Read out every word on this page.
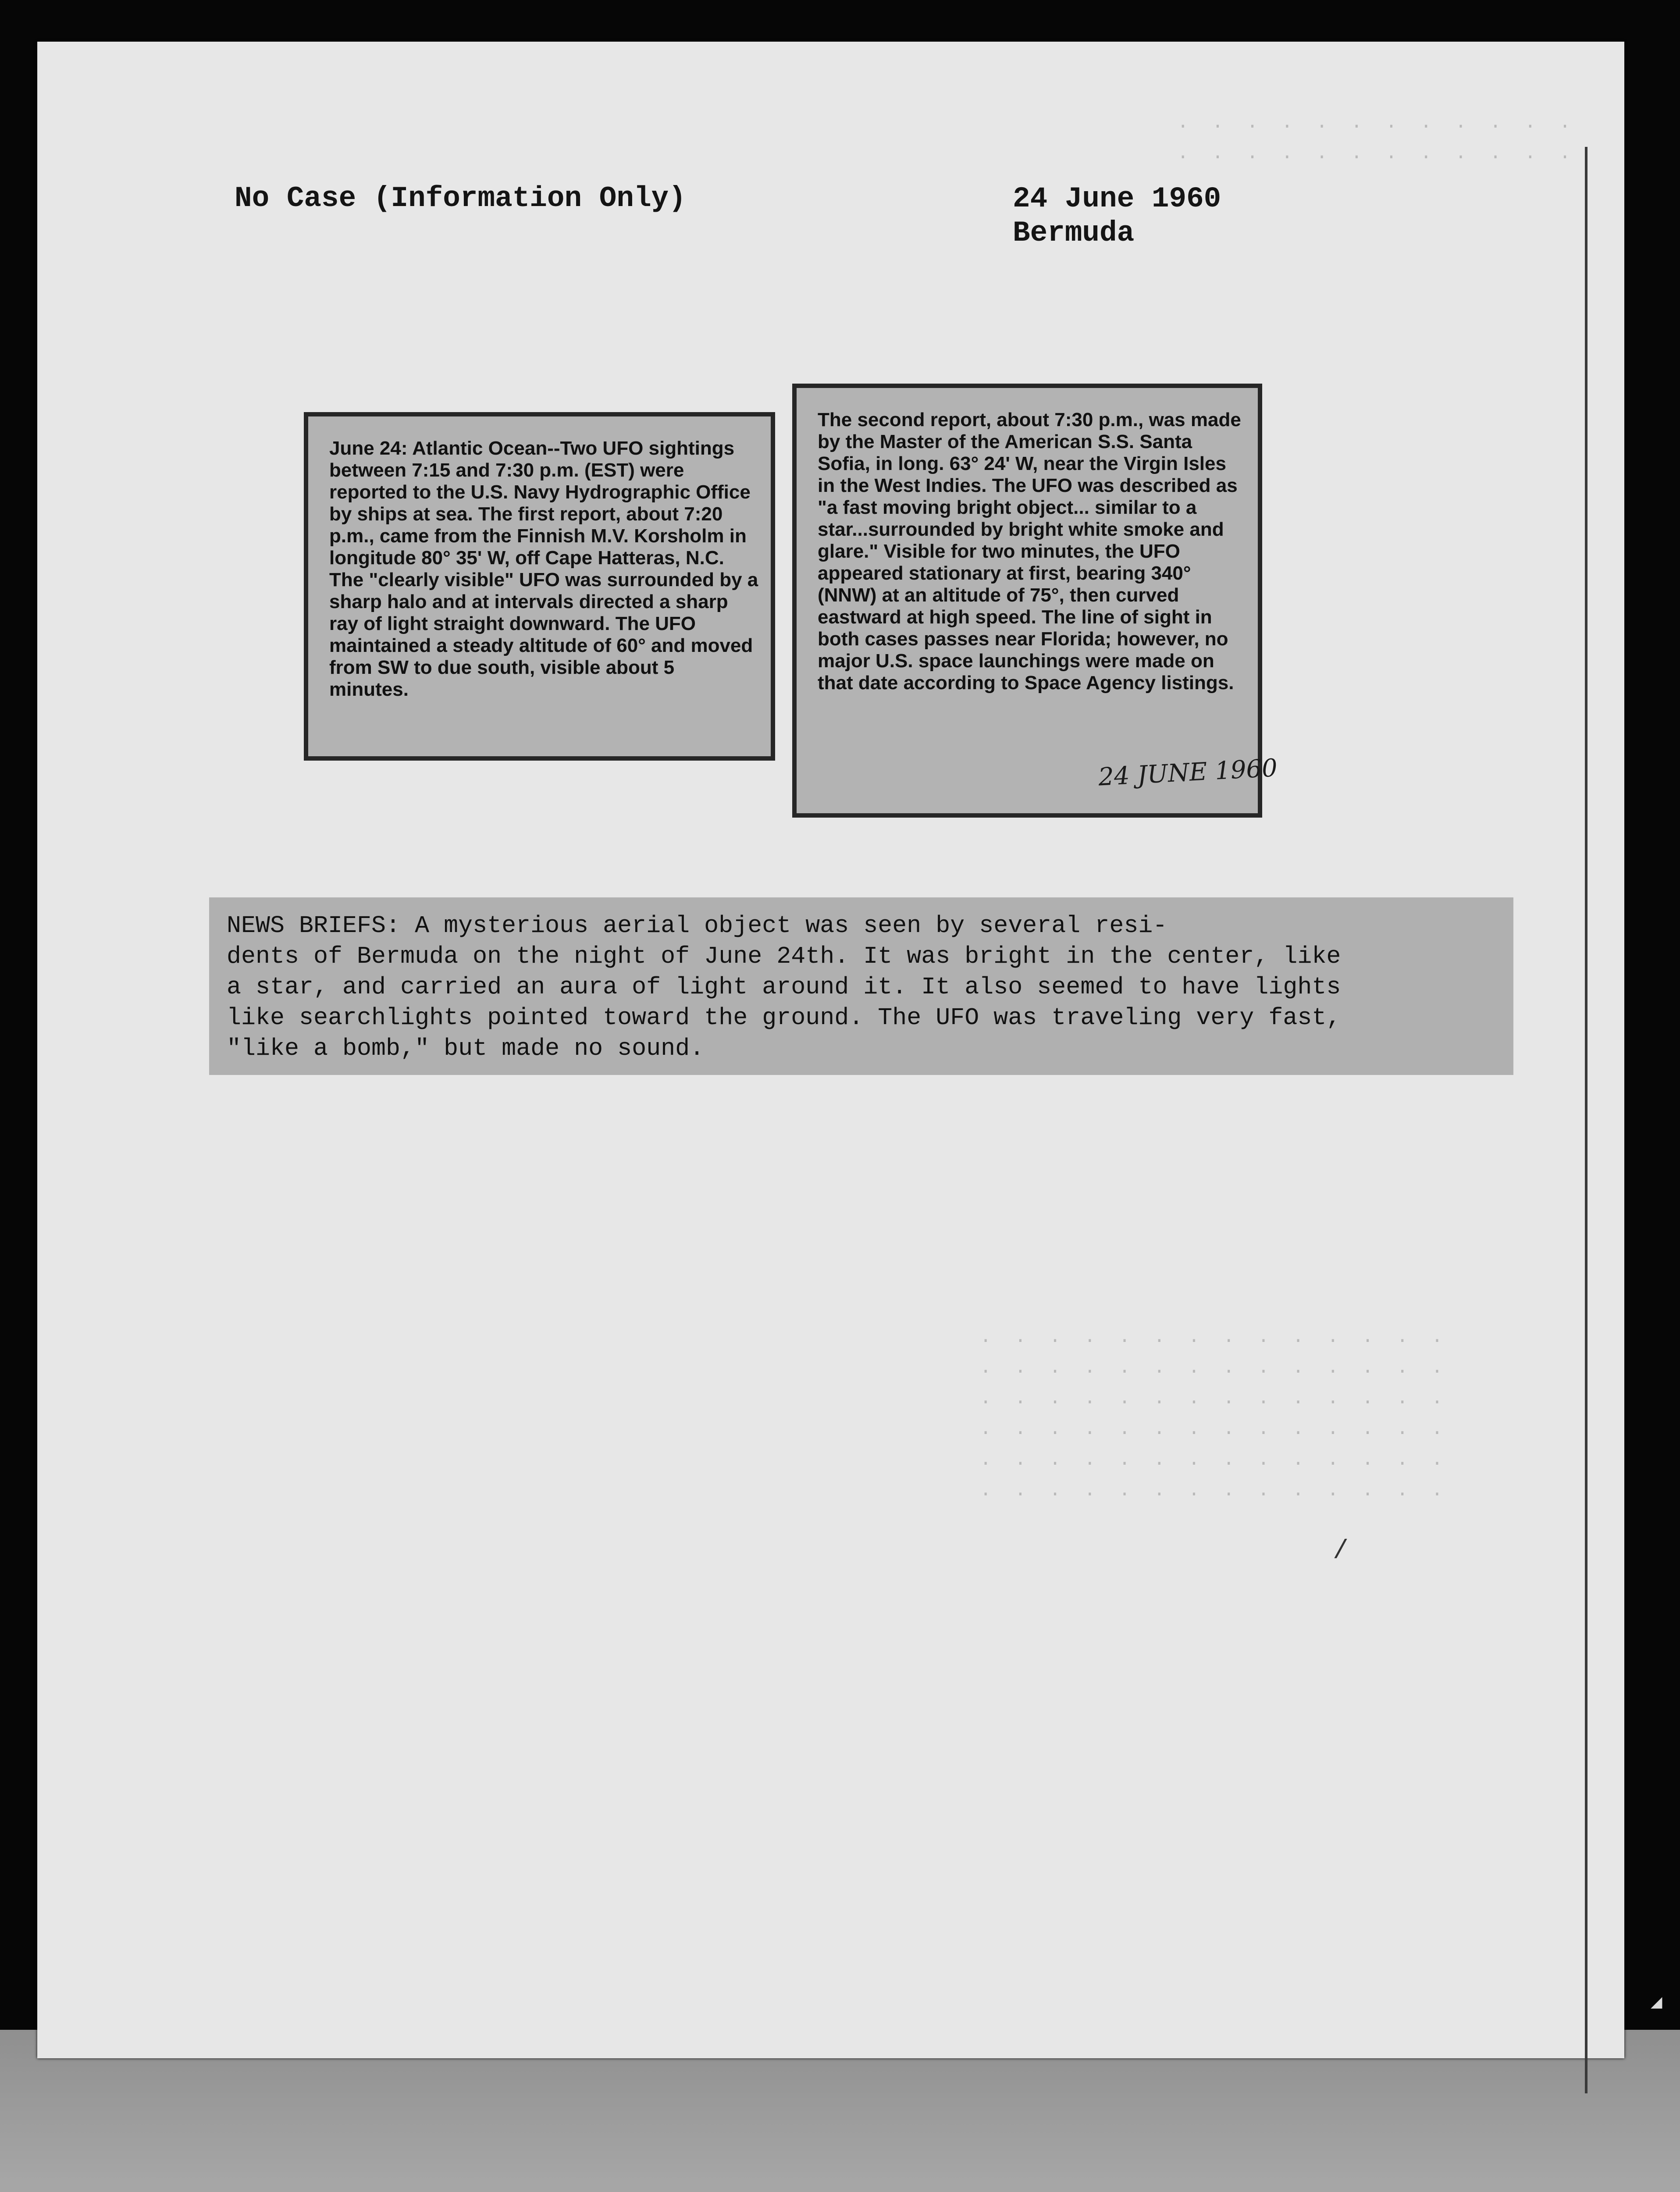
.  .  .  .  .  .  .  .  .  .  .  .
.  .  .  .  .  .  .  .  .  .  .  .
.  .  .  .  .  .  .  .  .  .  .  .  .  .
.  .  .  .  .  .  .  .  .  .  .  .  .  .
.  .  .  .  .  .  .  .  .  .  .  .  .  .
.  .  .  .  .  .  .  .  .  .  .  .  .  .
.  .  .  .  .  .  .  .  .  .  .  .  .  .
.  .  .  .  .  .  .  .  .  .  .  .  .  .
No Case (Information Only)	24 June 1960
Bermuda

June 24: Atlantic Ocean--Two UFO sightings between 7:15 and 7:30 p.m. (EST) were reported to the U.S. Navy Hydrographic Office by ships at sea. The first report, about 7:20 p.m., came from the Finnish M.V. Korsholm in longitude 80° 35' W, off Cape Hatteras, N.C. The "clearly visible" UFO was surrounded by a sharp halo and at intervals directed a sharp ray of light straight downward. The UFO maintained a steady altitude of 60° and moved from SW to due south, visible about 5 minutes.

The second report, about 7:30 p.m., was made by the Master of the American S.S. Santa Sofia, in long. 63° 24' W, near the Virgin Isles in the West Indies. The UFO was described as "a fast moving bright object... similar to a star...surrounded by bright white smoke and glare." Visible for two minutes, the UFO appeared stationary at first, bearing 340° (NNW) at an altitude of 75°, then curved eastward at high speed. The line of sight in both cases passes near Florida; however, no major U.S. space launchings were made on that date according to Space Agency listings.

24 JUNE 1960

NEWS BRIEFS: A mysterious aerial object was seen by several resi-

dents of Bermuda on the night of June 24th. It was bright in the center, like

a star, and carried an aura of light around it. It also seemed to have lights

like searchlights pointed toward the ground. The UFO was traveling very fast,

"like a bomb," but made no sound.

/
◢
